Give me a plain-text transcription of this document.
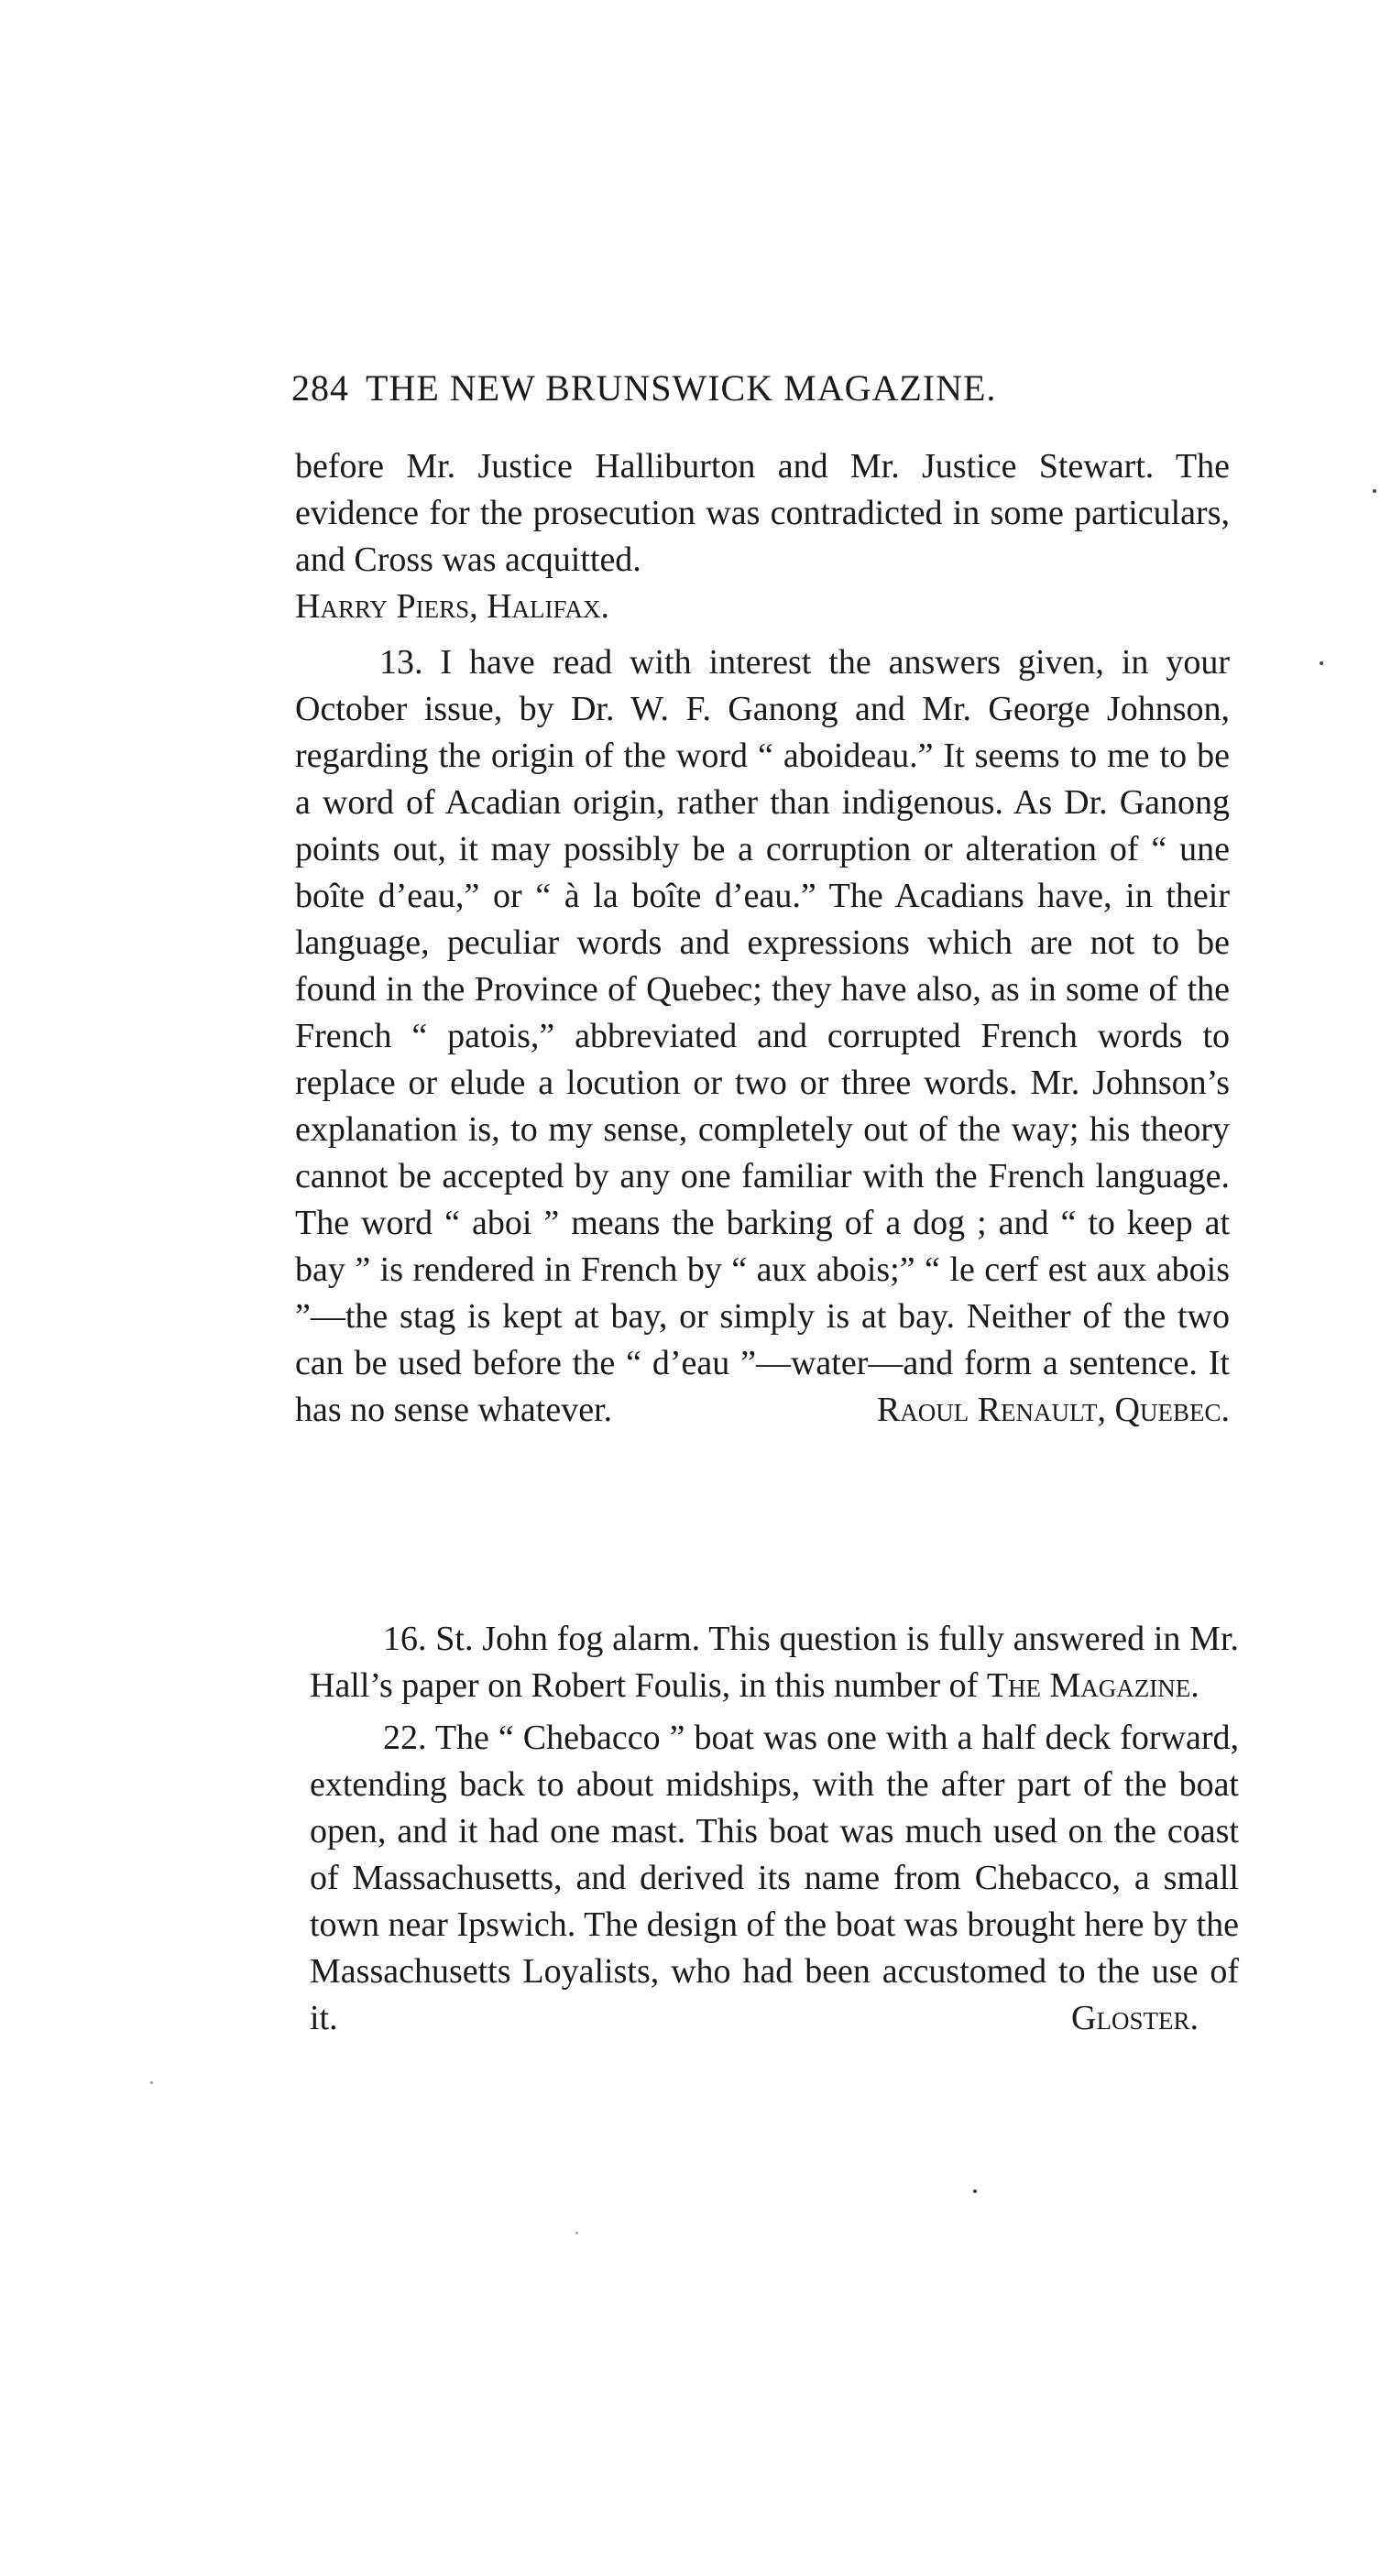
284 THE NEW BRUNSWICK MAGAZINE.

before Mr. Justice Halliburton and Mr. Justice Stewart. The evidence for the prosecution was contradicted in some particulars, and Cross was acquitted.

Harry Piers, Halifax.

13. I have read with interest the answers given, in your October issue, by Dr. W. F. Ganong and Mr. George Johnson, regarding the origin of the word “ aboideau.” It seems to me to be a word of Acadian origin, rather than indigenous. As Dr. Ganong points out, it may possibly be a corruption or alteration of “ une boîte d’eau,” or “ à la boîte d’eau.” The Acadians have, in their language, peculiar words and expressions which are not to be found in the Province of Quebec; they have also, as in some of the French “ patois,” abbreviated and corrupted French words to replace or elude a locution or two or three words. Mr. Johnson’s explanation is, to my sense, completely out of the way; his theory cannot be accepted by any one familiar with the French language. The word “ aboi ” means the barking of a dog ; and “ to keep at bay ” is rendered in French by “ aux abois;” “ le cerf est aux abois ”—the stag is kept at bay, or simply is at bay. Neither of the two can be used before the “ d’eau ”—water—and form a sentence. It has no sense whatever.	Raoul Renault, Quebec.

16. St. John fog alarm. This question is fully answered in Mr. Hall’s paper on Robert Foulis, in this number of The Magazine.

22. The “ Chebacco ” boat was one with a half deck forward, extending back to about midships, with the after part of the boat open, and it had one mast. This boat was much used on the coast of Massachusetts, and derived its name from Chebacco, a small town near Ipswich. The design of the boat was brought here by the Massachusetts Loyalists, who had been accustomed to the use of it.	Gloster.
